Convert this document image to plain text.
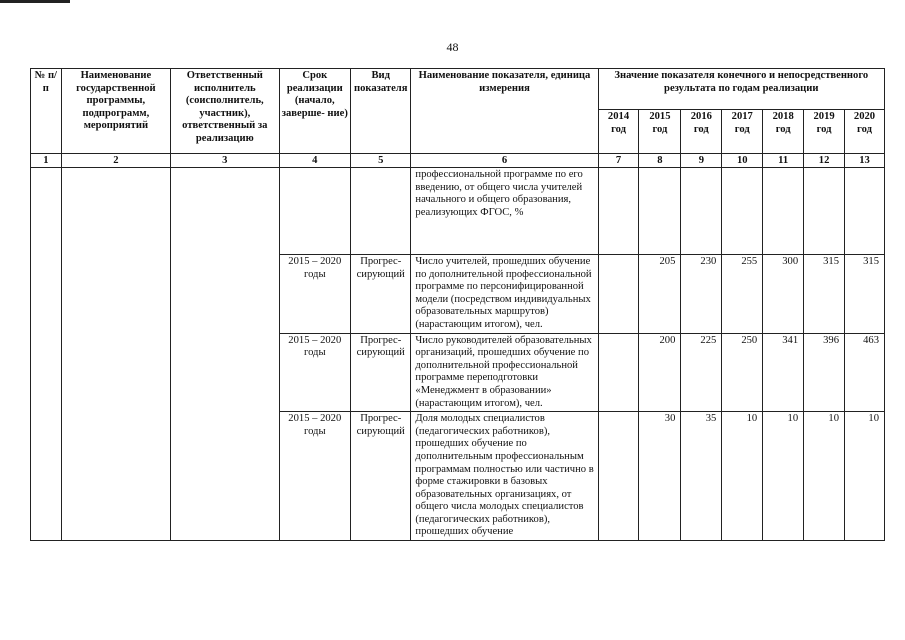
48
№ п/п	Наименование государственной программы, подпрограмм, мероприятий	Ответственный исполнитель (соисполнитель, участник), ответственный за реализацию	Срок реализации (начало, заверше- ние)	Вид показателя	Наименование показателя, единица измерения	Значение показателя конечного и непосредственного результата по годам реализации						
						2014 год	2015 год	2016 год	2017 год	2018 год	2019 год	2020 год
1	2	3	4	5	6	7	8	9	10	11	12	13
					профессиональной программе по его введению, от общего числа учителей начального и общего образования, реализующих ФГОС, %							
			2015 – 2020 годы	Прогрес- сирующий	Число учителей, прошедших обучение по дополнительной профессиональной программе по персонифицированной модели (посредством индивидуальных образовательных маршрутов) (нарастающим итогом), чел.		205	230	255	300	315	315
			2015 – 2020 годы	Прогрес- сирующий	Число руководителей образовательных организаций, прошедших обучение по дополнительной профессиональной программе переподготовки «Менеджмент в образовании» (нарастающим итогом), чел.		200	225	250	341	396	463
			2015 – 2020 годы	Прогрес- сирующий	Доля молодых специалистов (педагогических работников), прошедших обучение по дополнительным профессиональным программам полностью или частично в форме стажировки в базовых образовательных организациях, от общего числа молодых специалистов (педагогических работников), прошедших обучение		30	35	10	10	10	10
